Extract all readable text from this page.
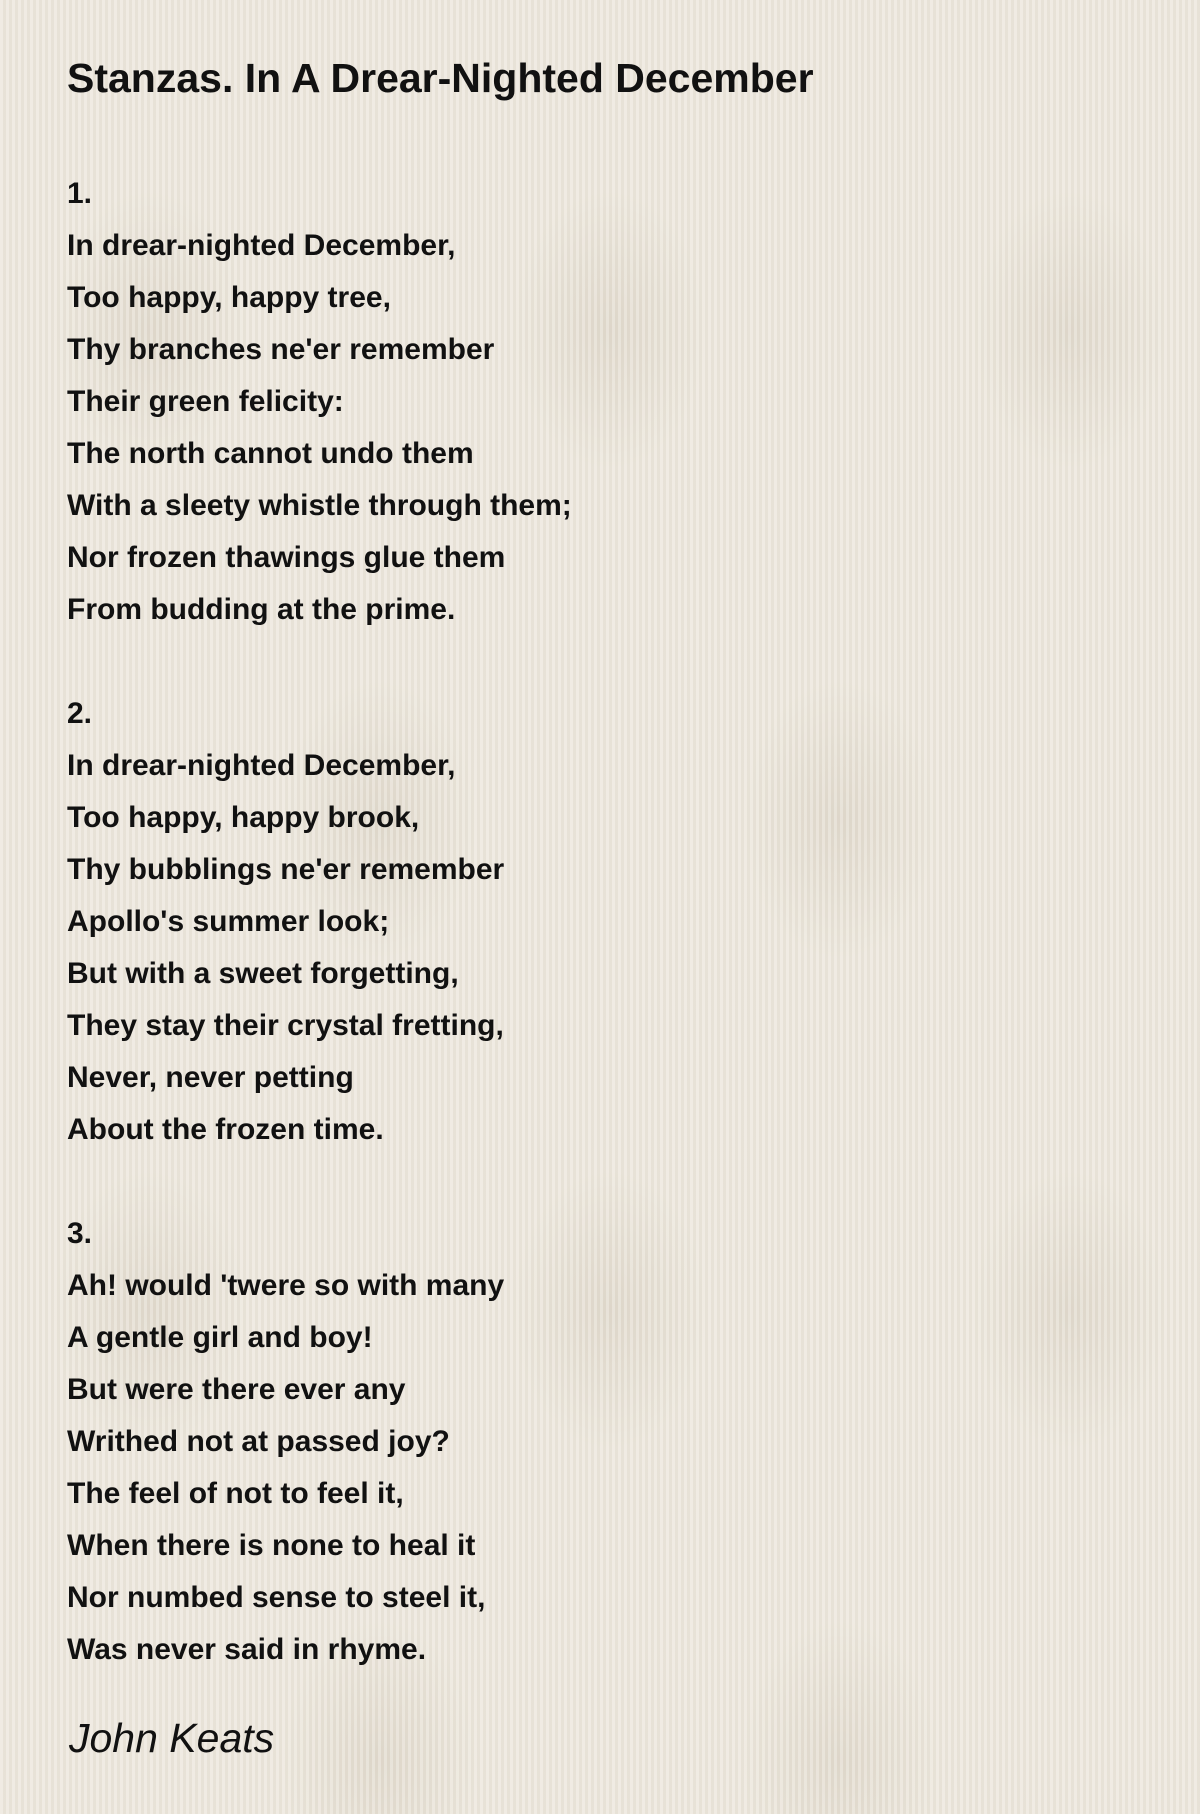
Stanzas. In A Drear-Nighted December
1.
In drear-nighted December,
Too happy, happy tree,
Thy branches ne'er remember
Their green felicity:
The north cannot undo them
With a sleety whistle through them;
Nor frozen thawings glue them
From budding at the prime.
2.
In drear-nighted December,
Too happy, happy brook,
Thy bubblings ne'er remember
Apollo's summer look;
But with a sweet forgetting,
They stay their crystal fretting,
Never, never petting
About the frozen time.
3.
Ah! would 'twere so with many
A gentle girl and boy!
But were there ever any
Writhed not at passed joy?
The feel of not to feel it,
When there is none to heal it
Nor numbed sense to steel it,
Was never said in rhyme.
John Keats
